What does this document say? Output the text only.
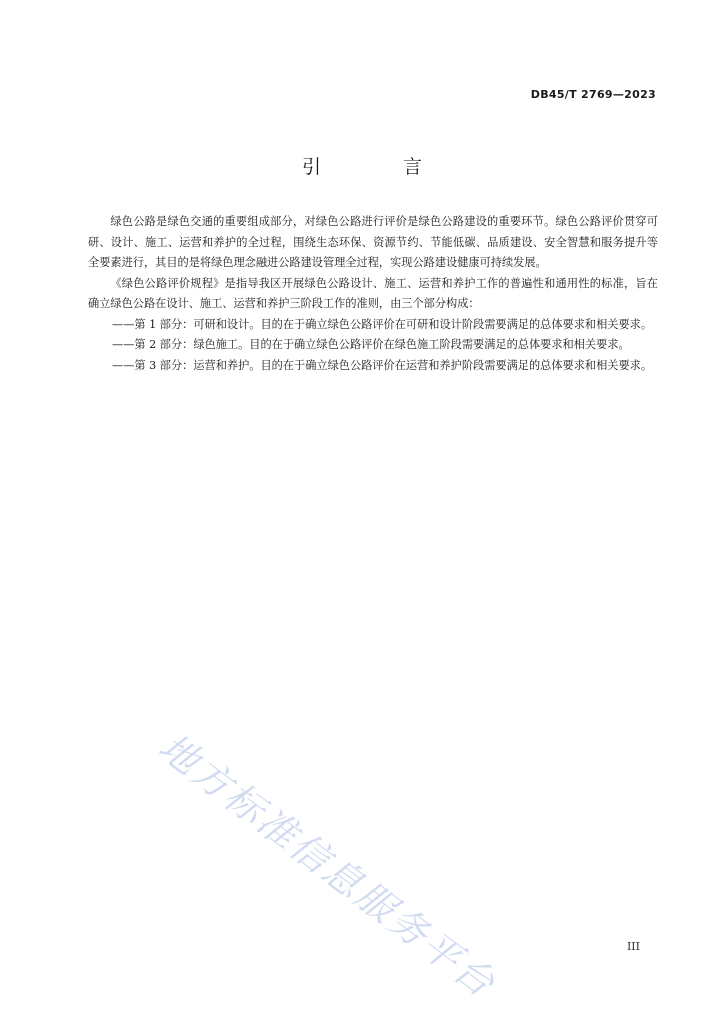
DB45/T 2769—2023
引 言

绿色公路是绿色交通的重要组成部分，对绿色公路进行评价是绿色公路建设的重要环节。绿色公路评价贯穿可研、设计、施工、运营和养护的全过程，围绕生态环保、资源节约、节能低碳、品质建设、安全智慧和服务提升等全要素进行，其目的是将绿色理念融进公路建设管理全过程，实现公路建设健康可持续发展。

《绿色公路评价规程》是指导我区开展绿色公路设计、施工、运营和养护工作的普遍性和通用性的标准，旨在确立绿色公路在设计、施工、运营和养护三阶段工作的准则，由三个部分构成：

——第 1 部分：可研和设计。目的在于确立绿色公路评价在可研和设计阶段需要满足的总体要求和相关要求。

——第 2 部分：绿色施工。目的在于确立绿色公路评价在绿色施工阶段需要满足的总体要求和相关要求。

——第 3 部分：运营和养护。目的在于确立绿色公路评价在运营和养护阶段需要满足的总体要求和相关要求。

地方标准信息服务平台	III
